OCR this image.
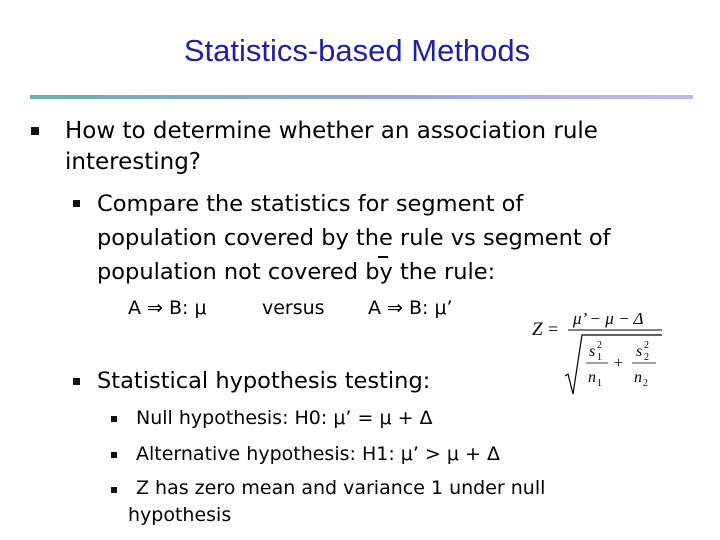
Statistics-based Methods
How to determine whether an association rule
interesting?
Compare the statistics for segment of
population covered by the rule vs segment of
population not covered by the rule:
A ⇒ B: μ	versus A ⇒ B: μ’
Statistical hypothesis testing:
Null hypothesis: H0: μ’ = μ + Δ
Alternative hypothesis: H1: μ’ > μ + Δ
Z has zero mean and variance 1 under null
hypothesis
Z =
μ’ − μ − Δ
s 2
1
n 1
+
s 2
2
n 2
